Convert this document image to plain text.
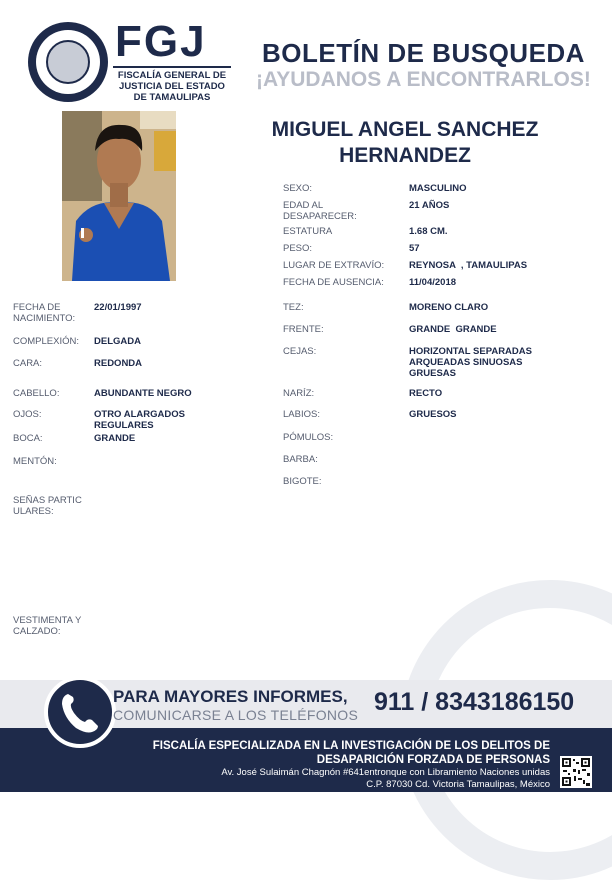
FGJ
FISCALÍA GENERAL DE JUSTICIA DEL ESTADO DE TAMAULIPAS
BOLETÍN DE BUSQUEDA
¡AYUDANOS A ENCONTRARLOS!
MIGUEL ANGEL SANCHEZ HERNANDEZ
SEXO:	MASCULINO
EDAD AL DESAPARECER:
21 AÑOS
ESTATURA	1.68 CM.
PESO:	57
LUGAR DE EXTRAVÍO:	REYNOSA  , TAMAULIPAS
FECHA DE AUSENCIA:	11/04/2018
FECHA DE NACIMIENTO:
22/01/1997
COMPLEXIÓN: DELGADA
CARA:	REDONDA
CABELLO:	ABUNDANTE NEGRO
OJOS:	OTRO ALARGADOS REGULARES
BOCA:	GRANDE
MENTÓN:
SEÑAS PARTICULARES:
VESTIMENTA Y CALZADO:
TEZ:	MORENO CLARO
FRENTE:	GRANDE  GRANDE
CEJAS:	HORIZONTAL SEPARADAS ARQUEADAS SINUOSAS GRUESAS
NARÍZ:	RECTO
LABIOS:	GRUESOS
PÓMULOS:
BARBA:
BIGOTE:
PARA MAYORES INFORMES,
COMUNICARSE A LOS TELÉFONOS 911 / 8343186150
FISCALÍA ESPECIALIZADA EN LA INVESTIGACIÓN DE LOS DELITOS DE DESAPARICIÓN FORZADA DE PERSONAS
Av. José Sulaimán Chagnón #641entronque con Libramiento Naciones unidas
C.P. 87030 Cd. Victoria Tamaulipas, México
